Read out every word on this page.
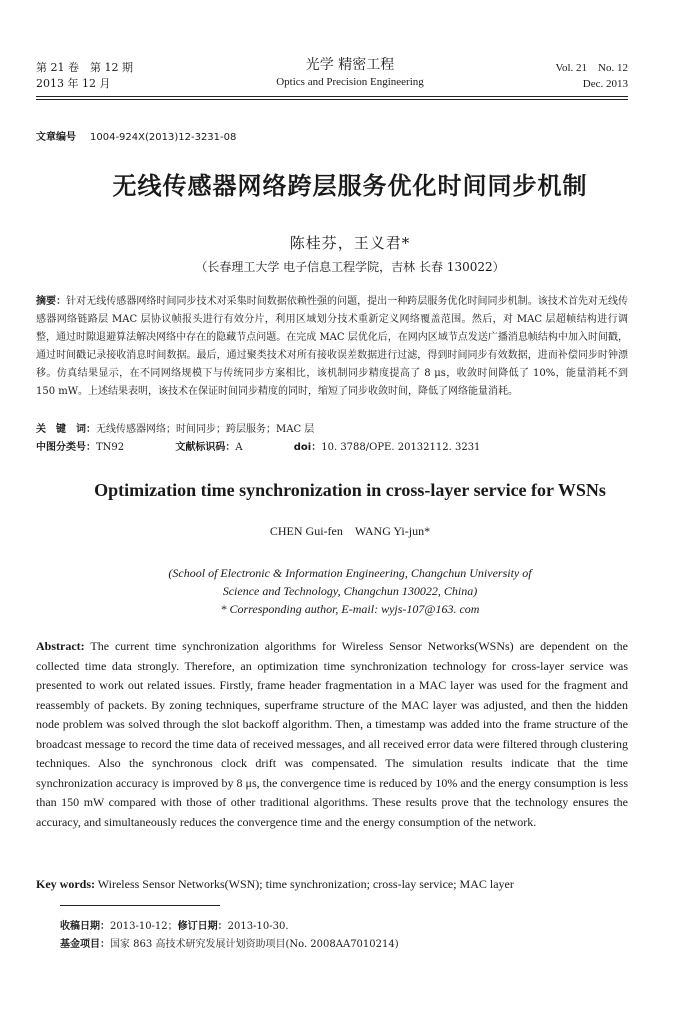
第 21 卷　第 12 期
2013 年 12 月
光学 精密工程
Optics and Precision Engineering
Vol. 21　No. 12
Dec. 2013
文章编号 1004-924X(2013)12-3231-08
无线传感器网络跨层服务优化时间同步机制
陈桂芬，王义君*
（长春理工大学 电子信息工程学院，吉林 长春 130022）
摘要：针对无线传感器网络时间同步技术对采集时间数据依赖性强的问题，提出一种跨层服务优化时间同步机制。该技术首先对无线传感器网络链路层 MAC 层协议帧报头进行有效分片，利用区域划分技术重新定义网络覆盖范围。然后，对 MAC 层超帧结构进行调整，通过时隙退避算法解决网络中存在的隐藏节点问题。在完成 MAC 层优化后，在网内区域节点发送广播消息帧结构中加入时间戳，通过时间戳记录接收消息时间数据。最后，通过聚类技术对所有接收误差数据进行过滤，得到时间同步有效数据，进而补偿同步时钟漂移。仿真结果显示，在不同网络规模下与传统同步方案相比，该机制同步精度提高了 8 μs，收敛时间降低了 10%，能量消耗不到 150 mW。上述结果表明，该技术在保证时间同步精度的同时，缩短了同步收敛时间，降低了网络能量消耗。
关　键　词：无线传感器网络；时间同步；跨层服务；MAC 层
中图分类号：TN92	文献标识码：A	doi：10. 3788/OPE. 20132112. 3231
Optimization time synchronization in cross-layer service for WSNs
CHEN Gui-fen　WANG Yi-jun*
(School of Electronic & Information Engineering, Changchun University of
Science and Technology, Changchun 130022, China)
* Corresponding author, E-mail: wyjs-107@163. com
Abstract: The current time synchronization algorithms for Wireless Sensor Networks(WSNs) are dependent on the collected time data strongly. Therefore, an optimization time synchronization technology for cross-layer service was presented to work out related issues. Firstly, frame header fragmentation in a MAC layer was used for the fragment and reassembly of packets. By zoning techniques, superframe structure of the MAC layer was adjusted, and then the hidden node problem was solved through the slot backoff algorithm. Then, a timestamp was added into the frame structure of the broadcast message to record the time data of received messages, and all received error data were filtered through clustering techniques. Also the synchronous clock drift was compensated. The simulation results indicate that the time synchronization accuracy is improved by 8 μs, the convergence time is reduced by 10% and the energy consumption is less than 150 mW compared with those of other traditional algorithms. These results prove that the technology ensures the accuracy, and simultaneously reduces the convergence time and the energy consumption of the network.
Key words: Wireless Sensor Networks(WSN); time synchronization; cross-lay service; MAC layer
收稿日期：2013-10-12；修订日期：2013-10-30.
基金项目：国家 863 高技术研究发展计划资助项目(No. 2008AA7010214)
